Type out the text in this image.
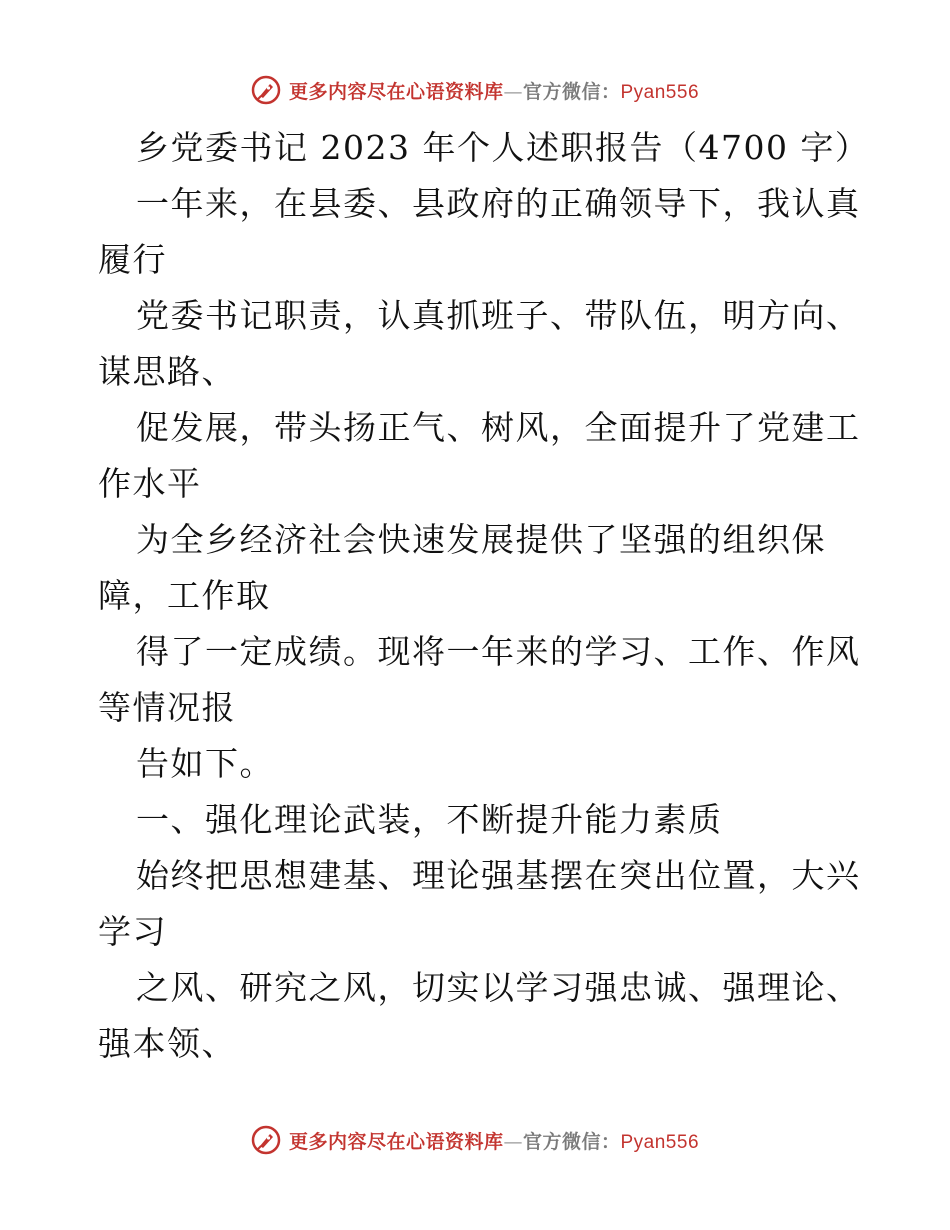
更多内容尽在心语资料库—官方微信：Pyan556
乡党委书记 2023 年个人述职报告（4700 字）
一年来，在县委、县政府的正确领导下，我认真
履行
党委书记职责，认真抓班子、带队伍，明方向、
谋思路、
促发展，带头扬正气、树风，全面提升了党建工
作水平
为全乡经济社会快速发展提供了坚强的组织保
障，工作取
得了一定成绩。现将一年来的学习、工作、作风
等情况报
告如下。
一、强化理论武装，不断提升能力素质
始终把思想建基、理论强基摆在突出位置，大兴
学习
之风、研究之风，切实以学习强忠诚、强理论、
强本领、
更多内容尽在心语资料库—官方微信：Pyan556
